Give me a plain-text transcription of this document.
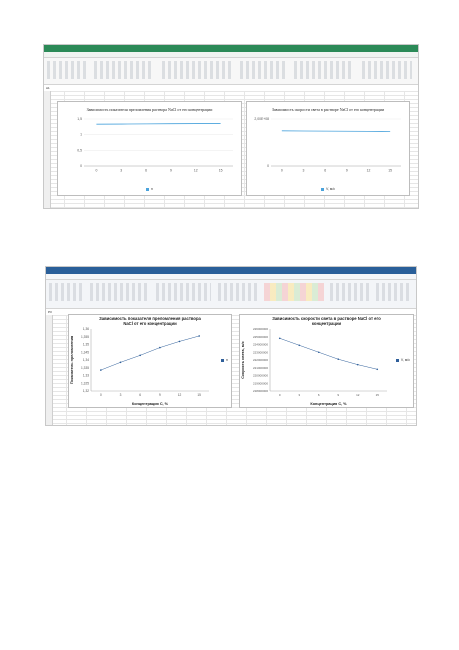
A1
Зависимость показателя преломления раствора NaCl от его концентрации
0
0,5
1
1,5
0	3	6	9	12	15
n
Зависимость скорости света в растворе NaCl от его концентрации
0
2,00E+08
0	3	6	9	12	15
V, м/с
P3
Зависимость показателя преломления раствора NaCl от его концентрации
1,32
1,325
1,33
1,335
1,34
1,345
1,35
1,355
1,36
0	3	6	9	12	15
Концентрация С, %
Показатель преломления	n
Зависимость скорости света в растворе NaCl от его концентрации
218000000
219000000
220000000
221000000
222000000
223000000
224000000
225000000
226000000
0	3	6	9	12	15
Концентрация С, %
Скорость света, м/с	V, м/с
